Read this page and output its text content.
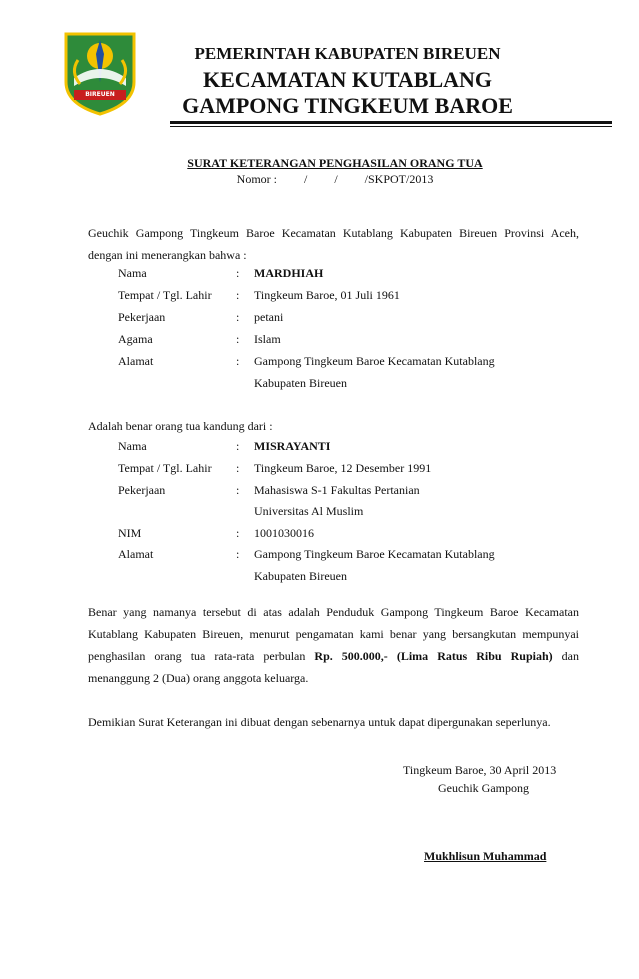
BIREUEN
PEMERINTAH KABUPATEN BIREUEN
KECAMATAN KUTABLANG
GAMPONG TINGKEUM BAROE
SURAT KETERANGAN PENGHASILAN ORANG TUA
Nomor :         /         /         /SKPOT/2013
Geuchik Gampong Tingkeum Baroe Kecamatan Kutablang Kabupaten Bireuen Provinsi Aceh,
dengan ini menerangkan bahwa :
Nama	: MARDHIAH
Tempat / Tgl. Lahir : Tingkeum Baroe, 01 Juli 1961
Pekerjaan	: petani
Agama	: Islam
Alamat	: Gampong Tingkeum Baroe Kecamatan Kutablang
Kabupaten Bireuen
Adalah benar orang tua kandung dari :
Nama	: MISRAYANTI
Tempat / Tgl. Lahir : Tingkeum Baroe, 12 Desember 1991
Pekerjaan	: Mahasiswa S-1 Fakultas Pertanian
Universitas Al Muslim
NIM	: 1001030016
Alamat	: Gampong Tingkeum Baroe Kecamatan Kutablang
Kabupaten Bireuen
Benar yang namanya tersebut di atas adalah Penduduk Gampong Tingkeum Baroe Kecamatan
Kutablang Kabupaten Bireuen, menurut pengamatan kami benar yang bersangkutan mempunyai
penghasilan orang tua rata-rata perbulan Rp. 500.000,- (Lima Ratus Ribu Rupiah) dan
menanggung 2 (Dua) orang anggota keluarga.
Demikian Surat Keterangan ini dibuat dengan sebenarnya untuk dapat dipergunakan seperlunya.
Tingkeum Baroe, 30 April 2013
Geuchik Gampong
Mukhlisun Muhammad
